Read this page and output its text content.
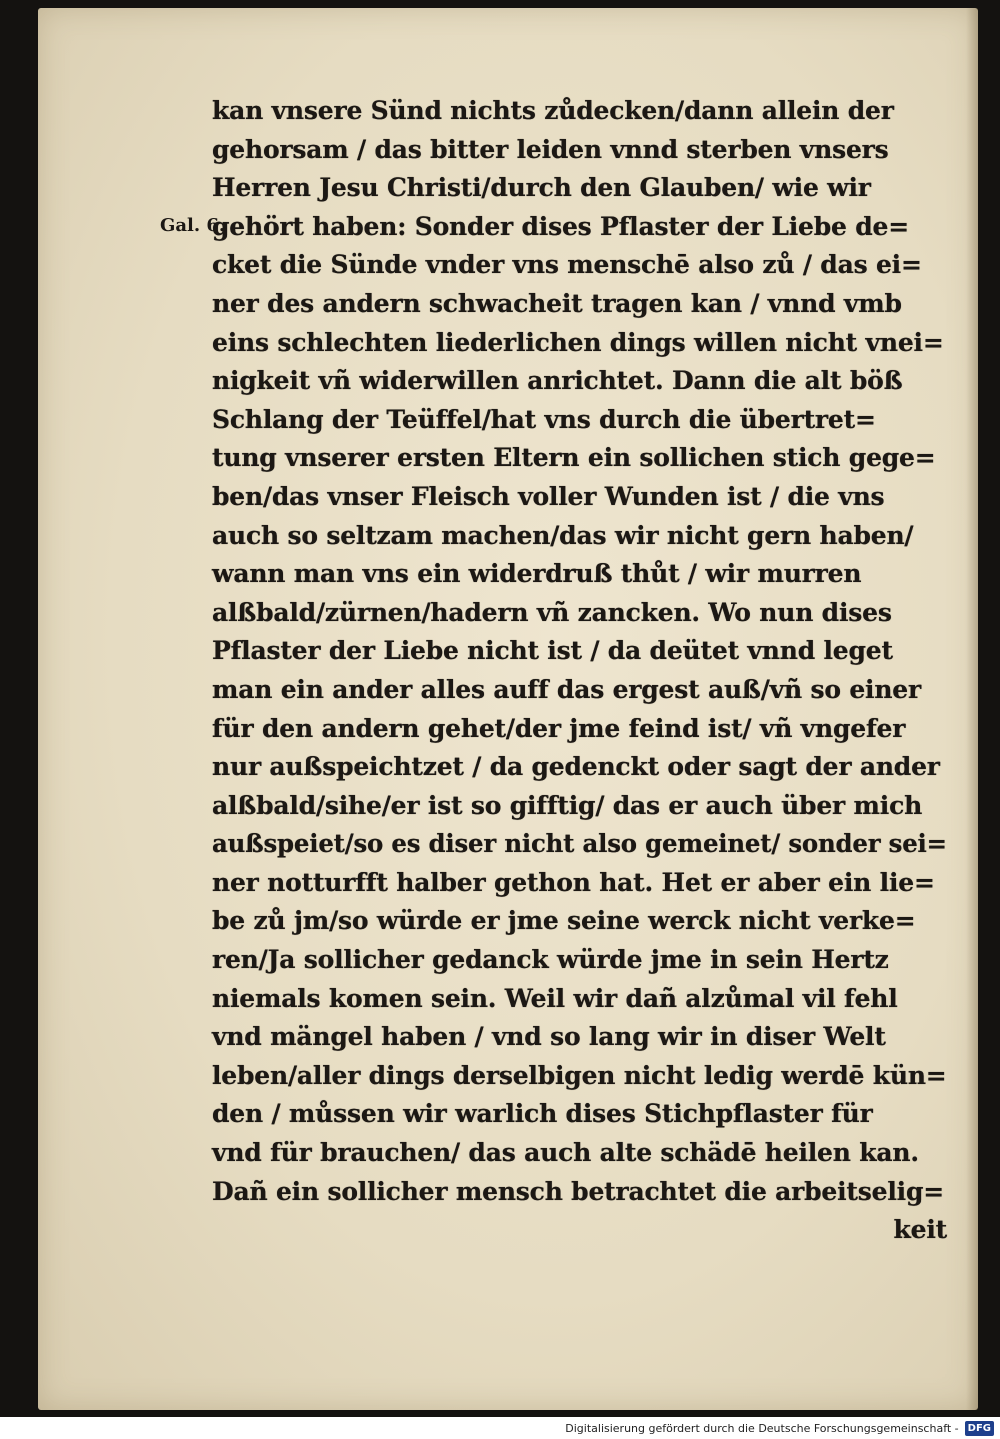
Gal. 6.
kan vnsere Sünd nichts zůdecken/dann allein der
gehorsam / das bitter leiden vnnd sterben vnsers
Herren Jesu Christi/durch den Glauben/ wie wir
gehört haben: Sonder dises Pflaster der Liebe de=
cket die Sünde vnder vns menschē also zů / das ei=
ner des andern schwacheit tragen kan / vnnd vmb
eins schlechten liederlichen dings willen nicht vnei=
nigkeit vñ widerwillen anrichtet. Dann die alt böß
Schlang der Teüffel/hat vns durch die übertret=
tung vnserer ersten Eltern ein sollichen stich gege=
ben/das vnser Fleisch voller Wunden ist / die vns
auch so seltzam machen/das wir nicht gern haben/
wann man vns ein widerdruß thůt / wir murren
alßbald/zürnen/hadern vñ zancken. Wo nun dises
Pflaster der Liebe nicht ist / da deütet vnnd leget
man ein ander alles auff das ergest auß/vñ so einer
für den andern gehet/der jme feind ist/ vñ vngefer
nur außspeichtzet / da gedenckt oder sagt der ander
alßbald/sihe/er ist so gifftig/ das er auch über mich
außspeiet/so es diser nicht also gemeinet/ sonder sei=
ner notturfft halber gethon hat. Het er aber ein lie=
be zů jm/so würde er jme seine werck nicht verke=
ren/Ja sollicher gedanck würde jme in sein Hertz
niemals komen sein. Weil wir dañ alzůmal vil fehl
vnd mängel haben / vnd so lang wir in diser Welt
leben/aller dings derselbigen nicht ledig werdē kün=
den / můssen wir warlich dises Stichpflaster für
vnd für brauchen/ das auch alte schädē heilen kan.
Dañ ein sollicher mensch betrachtet die arbeitselig=
keit
Digitalisierung gefördert durch die Deutsche Forschungsgemeinschaft - DFG
